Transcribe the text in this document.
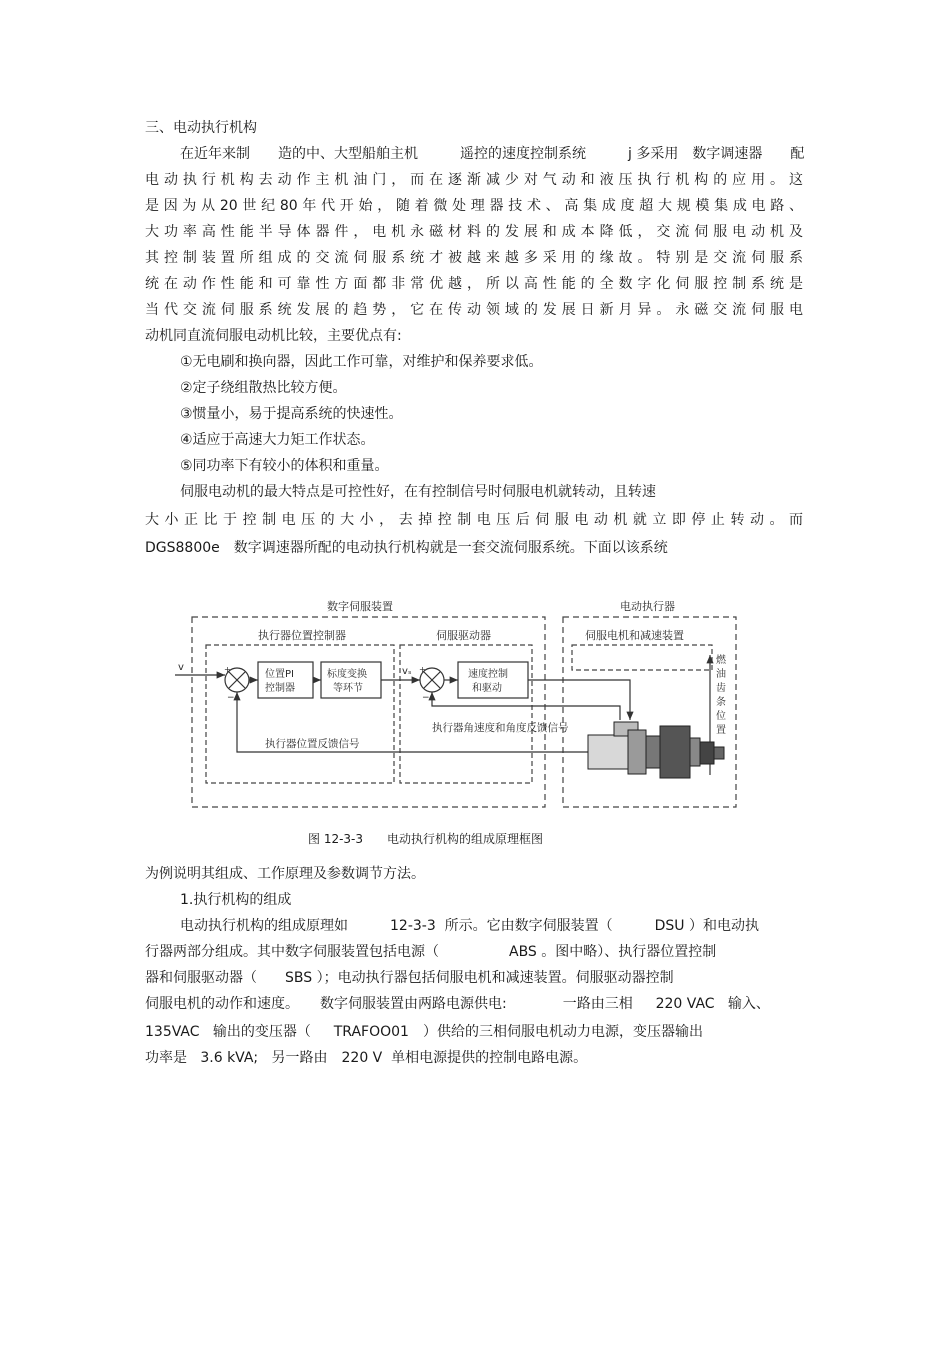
三、电动执行机构
在近年来制　　造的中、大型船舶主机　　　遥控的速度控制系统　　　j 多采用　数字调速器　　配
电动执行机构去动作主机油门，而在逐渐减少对气动和液压执行机构的应用。这
是因为从20世纪80年代开始，随着微处理器技术、高集成度超大规模集成电路、
大功率高性能半导体器件，电机永磁材料的发展和成本降低，交流伺服电动机及
其控制装置所组成的交流伺服系统才被越来越多采用的缘故。特别是交流伺服系
统在动作性能和可靠性方面都非常优越，所以高性能的全数字化伺服控制系统是
当代交流伺服系统发展的趋势，它在传动领域的发展日新月异。永磁交流伺服电
动机同直流伺服电动机比较，主要优点有:
①无电刷和换向器，因此工作可靠，对维护和保养要求低。
②定子绕组散热比较方便。
③惯量小，易于提高系统的快速性。
④适应于高速大力矩工作状态。
⑤同功率下有较小的体积和重量。
伺服电动机的最大特点是可控性好，在有控制信号时伺服电机就转动，且转速
大小正比于控制电压的大小，去掉控制电压后伺服电动机就立即停止转动。而
DGS8800e　数字调速器所配的电动执行机构就是一套交流伺服系统。下面以该系统
数字伺服装置	电动执行器
执行器位置控制器	伺服驱动器	伺服电机和减速装置
位置PI
控制器
标度变换
等环节
速度控制
和驱动
v	vₛ
+
−
+
−
执行器角速度和角度反馈信号
执行器位置反馈信号
燃
油
齿
条
位
置
图 12-3-3　　电动执行机构的组成原理框图
为例说明其组成、工作原理及参数调节方法。
1.执行机构的组成
电动执行机构的组成原理如　　　12-3-3  所示。它由数字伺服装置（　　　DSU ）和电动执
行器两部分组成。其中数字伺服装置包括电源（　　　　　ABS 。图中略）、执行器位置控制
器和伺服驱动器（　　SBS ）；电动执行器包括伺服电机和减速装置。伺服驱动器控制
伺服电机的动作和速度。　　数字伺服装置由两路电源供电:　　　　一路由三相　  220 VAC   输入、
135VAC   输出的变压器（　  TRAFOO01　）供给的三相伺服电机动力电源，变压器输出
功率是   3.6 kVA;   另一路由　220 V  单相电源提供的控制电路电源。
